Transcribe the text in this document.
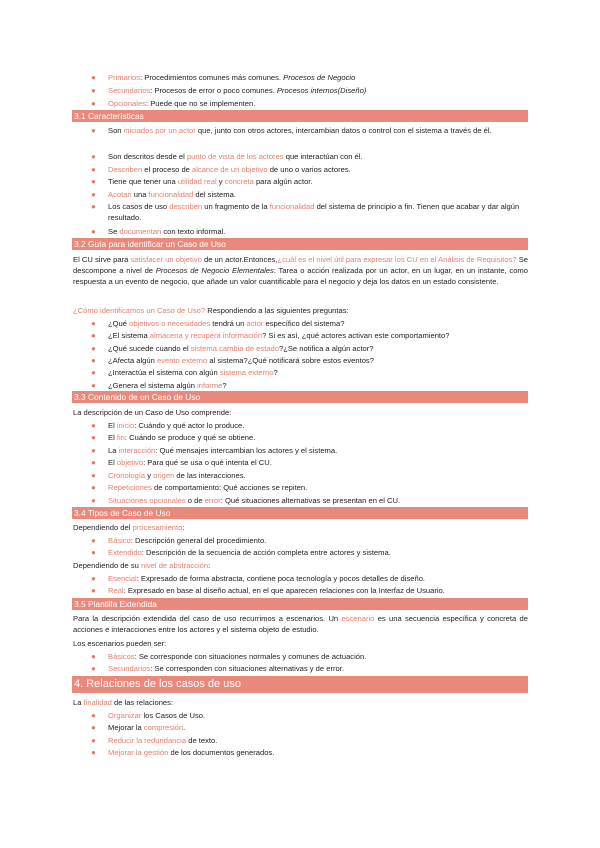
● Primarios: Procedimientos comunes más comunes. Procesos de Negocio
● Secundarios: Procesos de error o poco comunes. Procesos internos(Diseño)
● Opcionales: Puede que no se implementen.
3.1 Características
● Son iniciados por un actor que, junto con otros actores, intercambian datos o control con el sistema a través de él.
● Son descritos desde el punto de vista de los actores que interactúan con él.
● Describen el proceso de alcance de un objetivo de uno o varios actores.
● Tiene que tener una utilidad real y concreta para algún actor.
● Acotan una funcionalidad del sistema.
● Los casos de uso describen un fragmento de la funcionalidad del sistema de principio a fin. Tienen que acabar y dar algún resultado.
● Se documentan con texto informal.
3.2 Guía para identificar un Caso de Uso
El CU sirve para satisfacer un objetivo de un actor.Entonces,¿cuál es el nivel útil para expresar los CU en el Análisis de Requisitos? Se descompone a nivel de Procesos de Negocio Elementales: Tarea o acción realizada por un actor, en un lugar, en un instante, como respuesta a un evento de negocio, que añade un valor cuantificable para el negocio y deja los datos en un estado consistente.
¿Cómo identificamos un Caso de Uso? Respondiendo a las siguientes preguntas:
● ¿Qué objetivos o necesidades tendrá un actor específico del sistema?
● ¿El sistema almacena y recupera información? Si es así, ¿qué actores activan este comportamiento?
● ¿Qué sucede cuando el sistema cambia de estado?¿Se notifica a algún actor?
● ¿Afecta algún evento externo al sistema?¿Qué notificará sobre estos eventos?
● ¿Interactúa el sistema con algún sistema externo?
● ¿Genera el sistema algún informe?
3.3 Contenido de un Caso de Uso
La descripción de un Caso de Uso comprende:
● El inicio: Cuándo y qué actor lo produce.
● El fin: Cuándo se produce y qué se obtiene.
● La interacción: Qué mensajes intercambian los actores y el sistema.
● El objetivo: Para qué se usa o qué intenta el CU.
● Cronología y origen de las interacciones.
● Repeticiones de comportamiento: Qué acciones se repiten.
● Situaciones opcionales o de error: Qué situaciones alternativas se presentan en el CU.
3.4 Tipos de Caso de Uso
Dependiendo del procesamiento:
● Básico: Descripción general del procedimiento.
● Extendido: Descripción de la secuencia de acción completa entre actores y sistema.
Dependiendo de su nivel de abstracción:
● Esencial: Expresado de forma abstracta, contiene poca tecnología y pocos detalles de diseño.
● Real: Expresado en base al diseño actual, en el que aparecen relaciones con la Interfaz de Usuario.
3.5 Plantilla Extendida
Para la descripción extendida del caso de uso recurrimos a escenarios. Un escenario es una secuencia específica y concreta de acciones e interacciones entre los actores y el sistema objeto de estudio.
Los escenarios pueden ser:
● Básicos: Se corresponde con situaciones normales y comunes de actuación.
● Secundarios: Se corresponden con situaciones alternativas y de error.
4. Relaciones de los casos de uso
La finalidad de las relaciones:
● Organizar los Casos de Uso.
● Mejorar la compresión.
● Reducir la redundancia de texto.
● Mejorar la gestión de los documentos generados.
